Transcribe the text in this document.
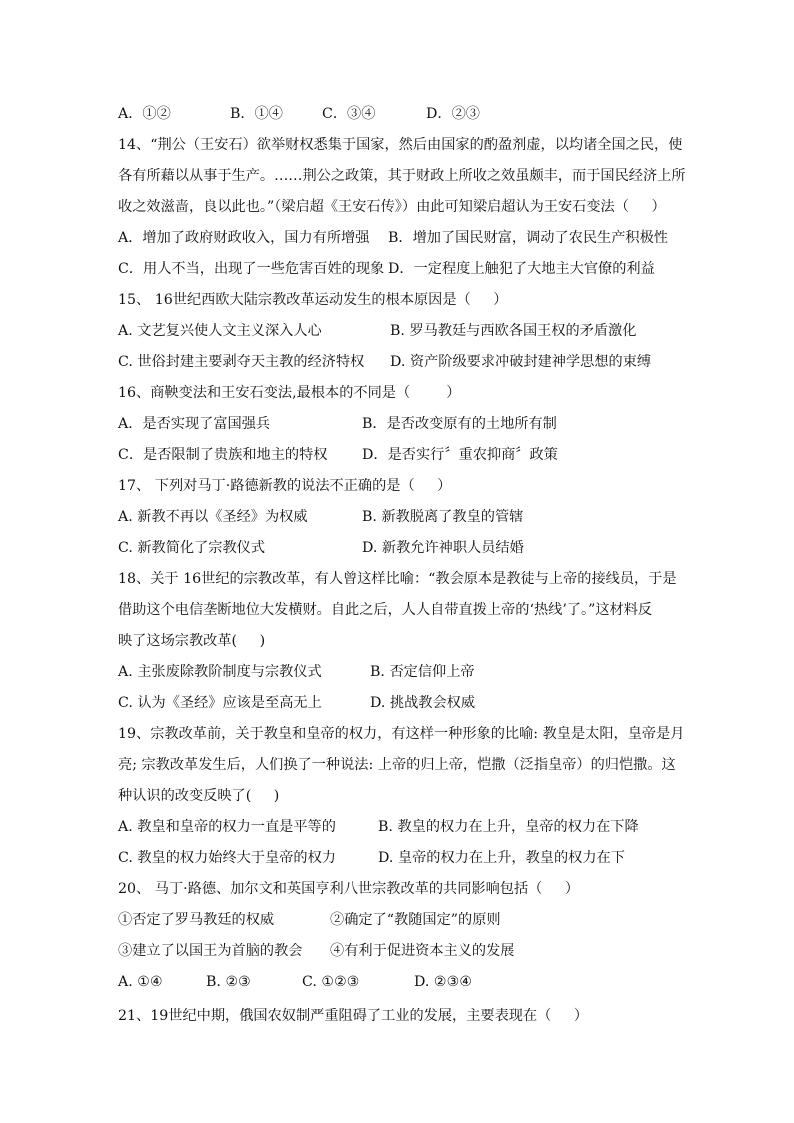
A．①②	B．①④	C．③④	D．②③
14、“荆公（王安石）欲举财权悉集于国家，然后由国家的酌盈剂虚，以均诸全国之民，使
各有所藉以从事于生产。……荆公之政策，其于财政上所收之效虽颇丰，而于国民经济上所
收之效滋啬，良以此也。”（梁启超《王安石传》）由此可知梁启超认为王安石变法（     ）
A．增加了政府财政收入，国力有所增强 B．增加了国民财富，调动了农民生产积极性
C．用人不当，出现了一些危害百姓的现象 D．一定程度上触犯了大地主大官僚的利益
15、 16世纪西欧大陆宗教改革运动发生的根本原因是（     ）
A. 文艺复兴使人文主义深入人心	B. 罗马教廷与西欧各国王权的矛盾激化
C. 世俗封建主要剥夺天主教的经济特权 D. 资产阶级要求冲破封建神学思想的束缚
16、商鞅变法和王安石变法,最根本的不同是（        ）
A．是否实现了富国强兵	B．是否改变原有的土地所有制
C．是否限制了贵族和地主的特权 D．是否实行〞重农抑商〞政策
17、 下列对马丁·路德新教的说法不正确的是（     ）
A. 新教不再以《圣经》为权威	B. 新教脱离了教皇的管辖
C. 新教简化了宗教仪式	D. 新教允许神职人员结婚
18、关于 16世纪的宗教改革，有人曾这样比喻：“教会原本是教徒与上帝的接线员，于是
借助这个电信垄断地位大发横财。自此之后，人人自带直拨上帝的‘热线’了。”这材料反
映了这场宗教改革(     )
A. 主张废除教阶制度与宗教仪式	B. 否定信仰上帝
C. 认为《圣经》应该是至高无上	D. 挑战教会权威
19、宗教改革前，关于教皇和皇帝的权力，有这样一种形象的比喻: 教皇是太阳，皇帝是月
亮; 宗教改革发生后，人们换了一种说法: 上帝的归上帝，恺撒（泛指皇帝）的归恺撒。这
种认识的改变反映了(     )
A. 教皇和皇帝的权力一直是平等的	B. 教皇的权力在上升，皇帝的权力在下降
C. 教皇的权力始终大于皇帝的权力	D. 皇帝的权力在上升，教皇的权力在下
20、 马丁·路德、加尔文和英国亨利八世宗教改革的共同影响包括（     ）
①否定了罗马教廷的权威	②确定了“教随国定”的原则
③建立了以国王为首脑的教会 ④有利于促进资本主义的发展
A. ①④	B. ②③	C. ①②③	D. ②③④
21、19世纪中期，俄国农奴制严重阻碍了工业的发展，主要表现在（     ）
